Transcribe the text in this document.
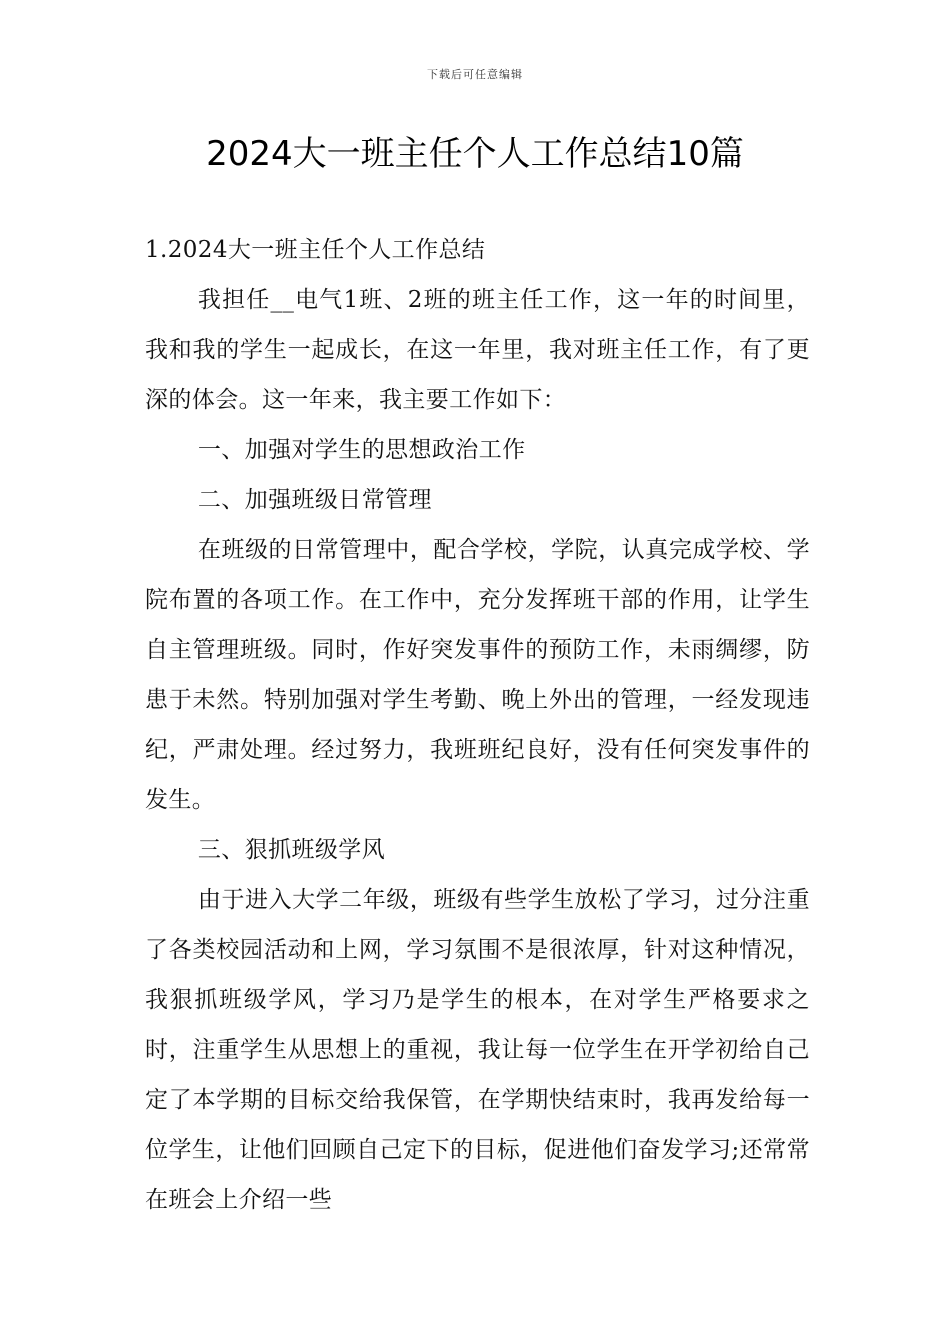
下载后可任意编辑
2024大一班主任个人工作总结10篇

1.2024大一班主任个人工作总结

我担任__电气1班、2班的班主任工作，这一年的时间里，我和我的学生一起成长，在这一年里，我对班主任工作，有了更深的体会。这一年来，我主要工作如下：

一、加强对学生的思想政治工作

二、加强班级日常管理

在班级的日常管理中，配合学校，学院，认真完成学校、学院布置的各项工作。在工作中，充分发挥班干部的作用，让学生自主管理班级。同时，作好突发事件的预防工作，未雨绸缪，防患于未然。特别加强对学生考勤、晚上外出的管理，一经发现违纪，严肃处理。经过努力，我班班纪良好，没有任何突发事件的发生。

三、狠抓班级学风

由于进入大学二年级，班级有些学生放松了学习，过分注重了各类校园活动和上网，学习氛围不是很浓厚，针对这种情况，我狠抓班级学风，学习乃是学生的根本，在对学生严格要求之时，注重学生从思想上的重视，我让每一位学生在开学初给自己定了本学期的目标交给我保管，在学期快结束时，我再发给每一位学生，让他们回顾自己定下的目标，促进他们奋发学习;还常常在班会上介绍一些
